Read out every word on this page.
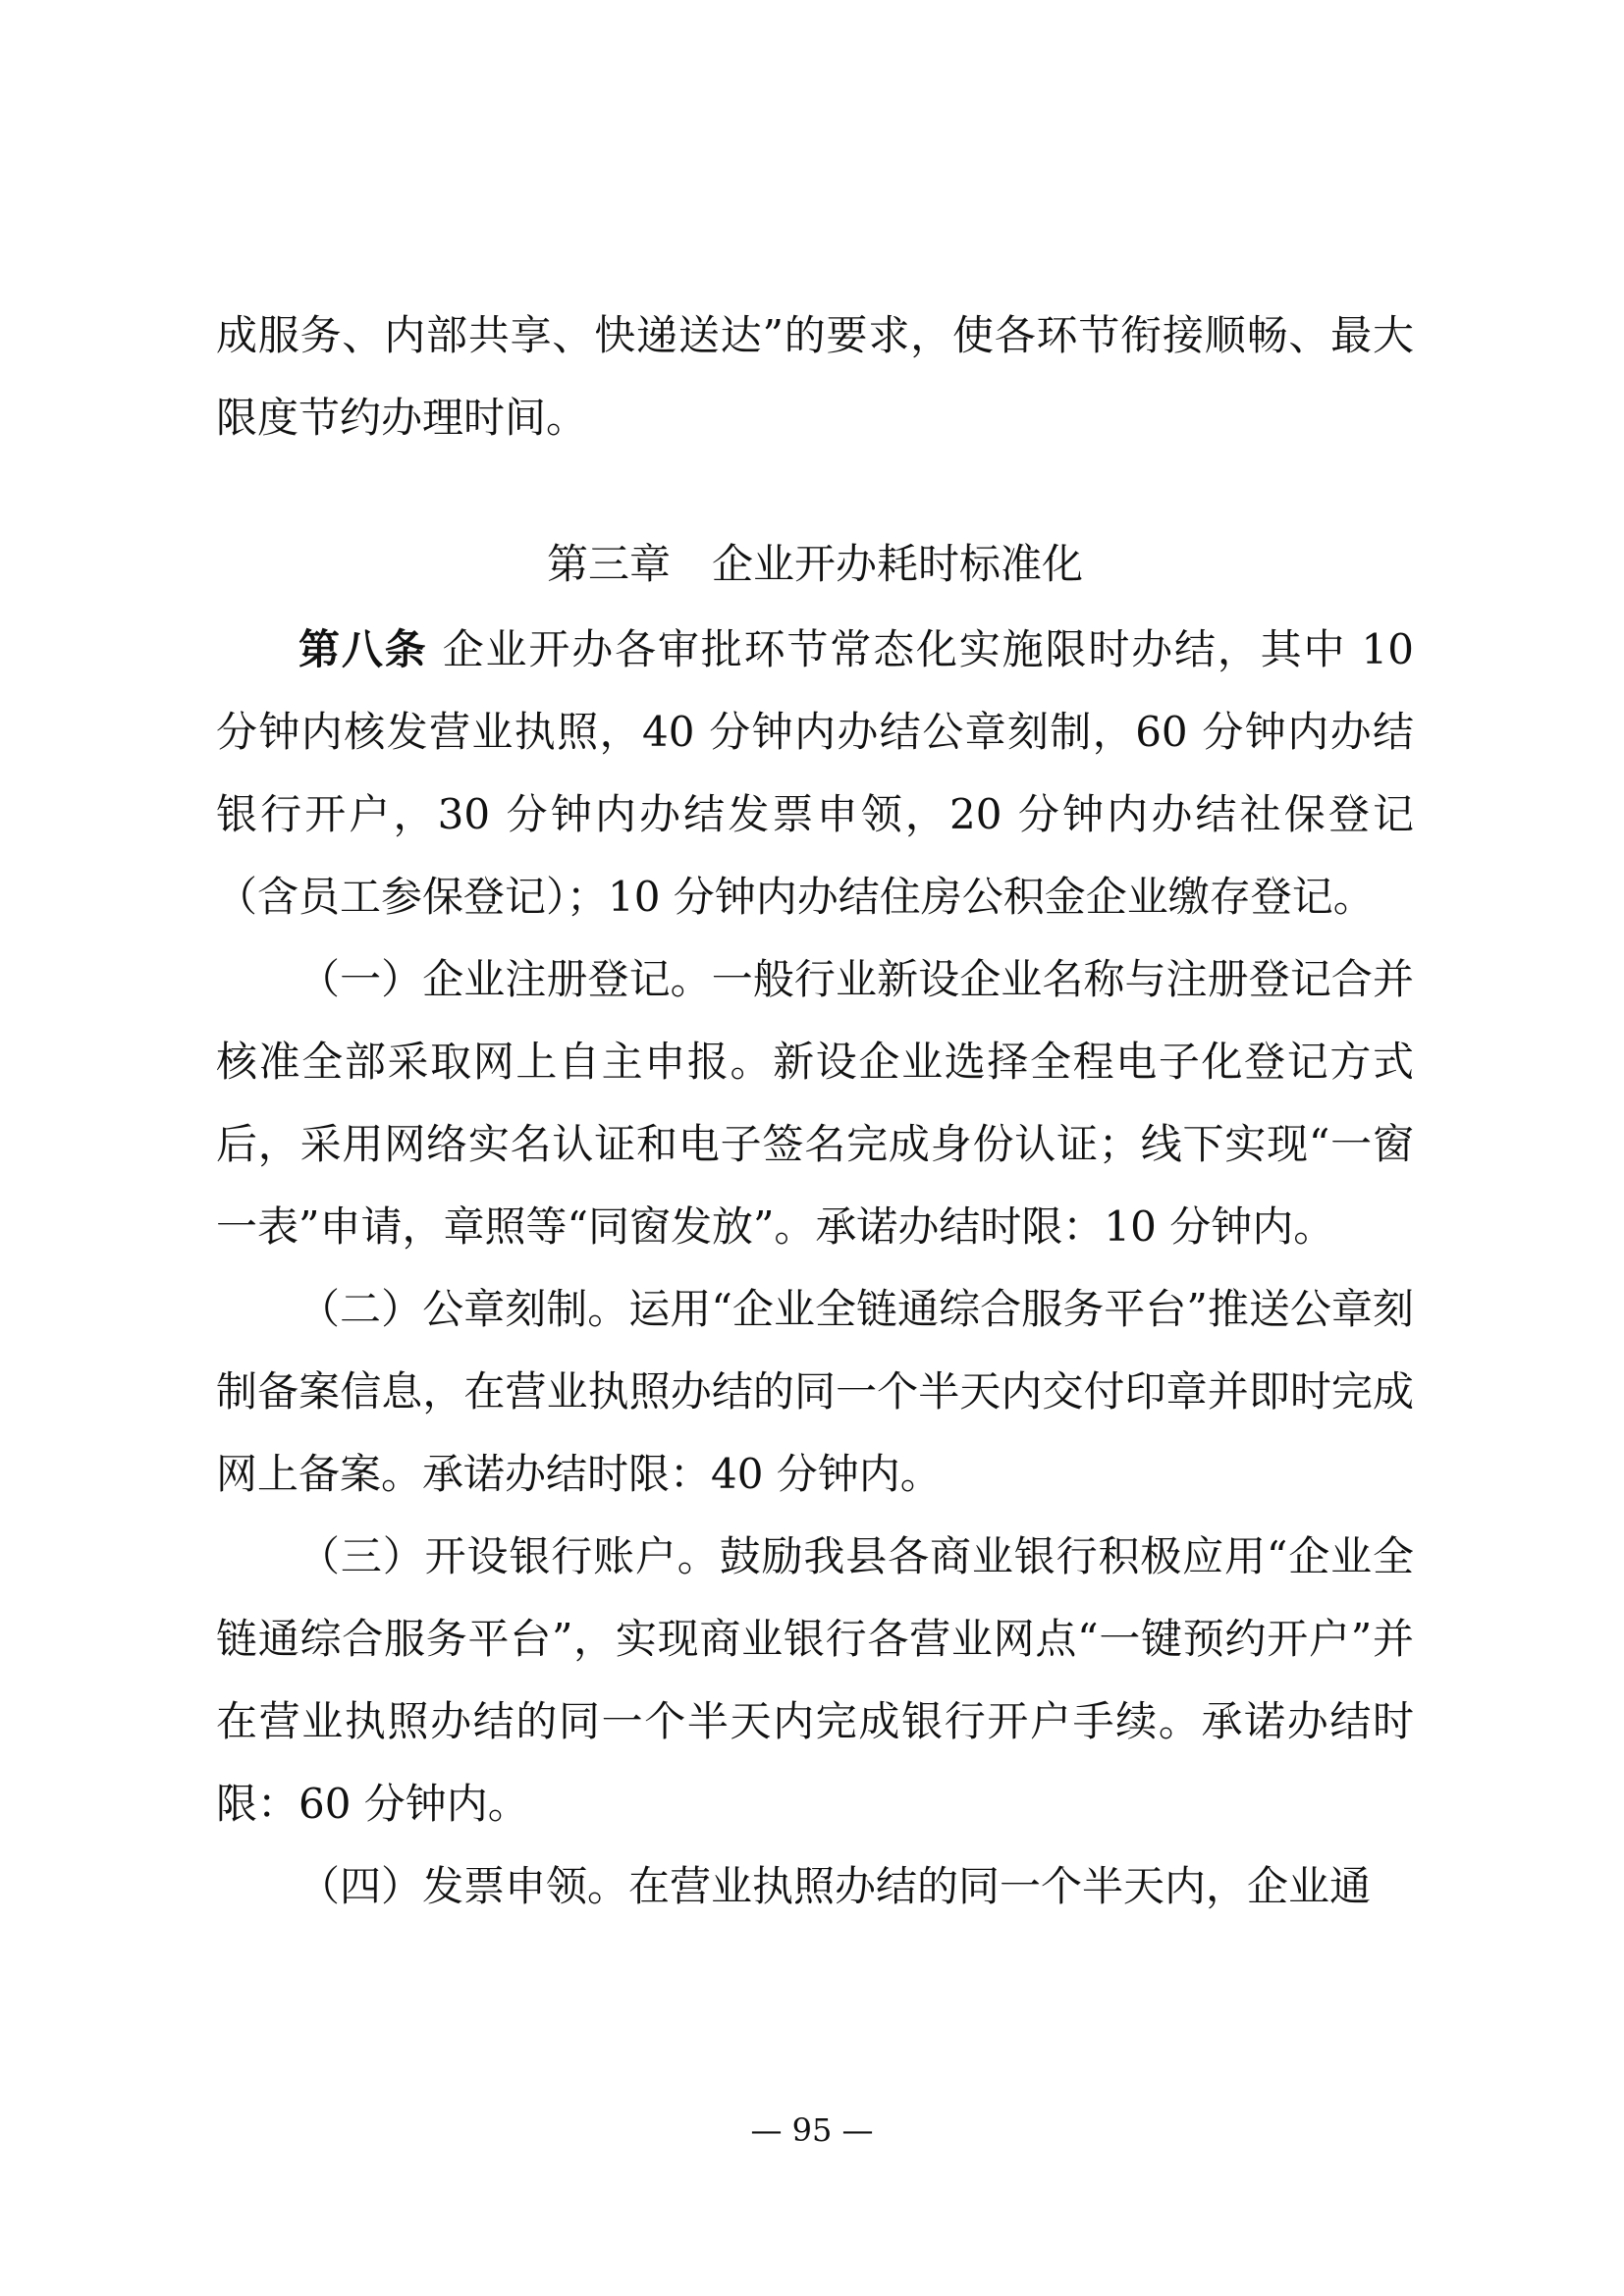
成服务、内部共享、快递送达”的要求，使各环节衔接顺畅、最大限度节约办理时间。
第三章　企业开办耗时标准化

第八条 企业开办各审批环节常态化实施限时办结，其中 10 分钟内核发营业执照，40 分钟内办结公章刻制，60 分钟内办结银行开户，30 分钟内办结发票申领，20 分钟内办结社保登记（含员工参保登记）；10 分钟内办结住房公积金企业缴存登记。

（一）企业注册登记。一般行业新设企业名称与注册登记合并核准全部采取网上自主申报。新设企业选择全程电子化登记方式后，采用网络实名认证和电子签名完成身份认证；线下实现“一窗一表”申请，章照等“同窗发放”。承诺办结时限：10 分钟内。

（二）公章刻制。运用“企业全链通综合服务平台”推送公章刻制备案信息，在营业执照办结的同一个半天内交付印章并即时完成网上备案。承诺办结时限：40 分钟内。

（三）开设银行账户。鼓励我县各商业银行积极应用“企业全链通综合服务平台”，实现商业银行各营业网点“一键预约开户”并在营业执照办结的同一个半天内完成银行开户手续。承诺办结时限：60 分钟内。

（四）发票申领。在营业执照办结的同一个半天内，企业通

— 95 —
